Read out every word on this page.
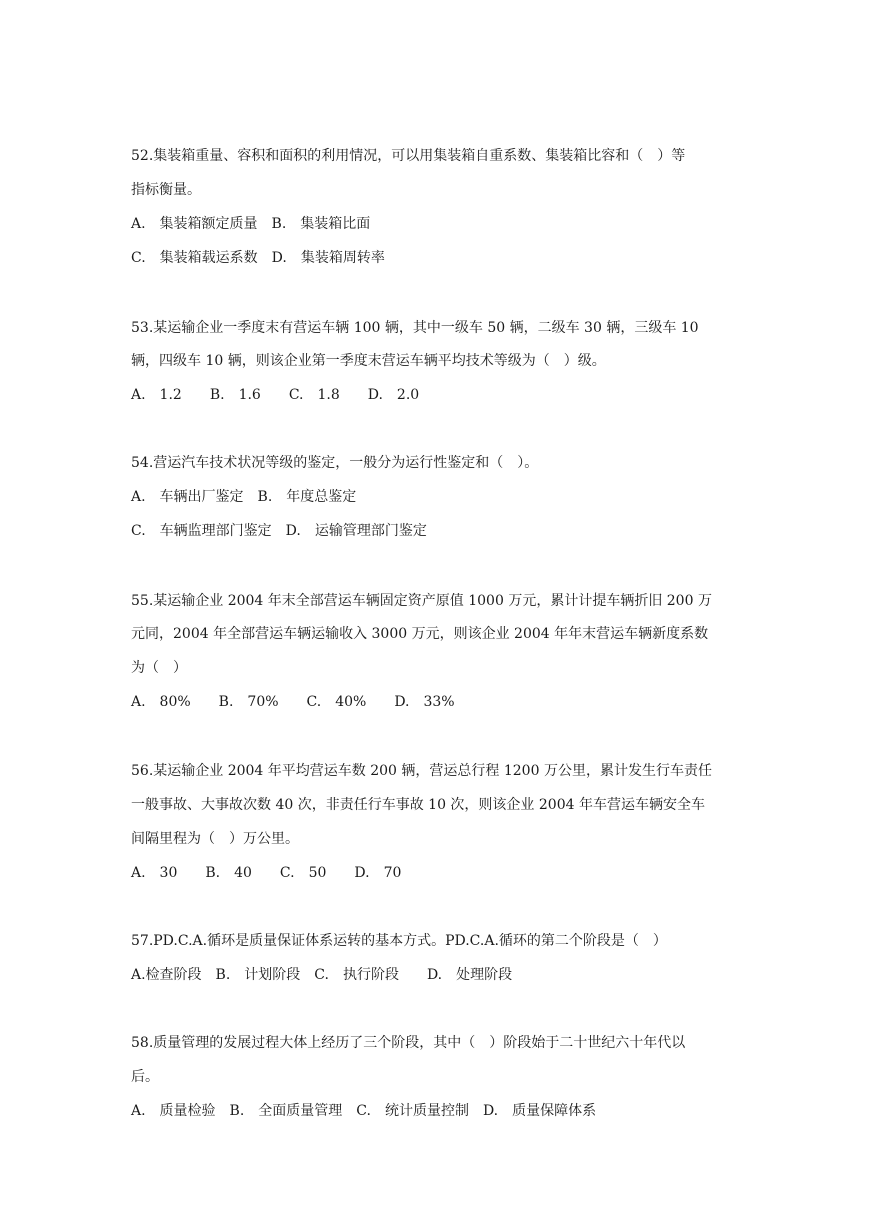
52.集装箱重量、容积和面积的利用情况，可以用集装箱自重系数、集装箱比容和（　）等

指标衡量。

A.　集装箱额定质量　B.　集装箱比面

C.　集装箱载运系数　D.　集装箱周转率

53.某运输企业一季度末有营运车辆 100 辆，其中一级车 50 辆，二级车 30 辆，三级车 10

辆，四级车 10 辆，则该企业第一季度末营运车辆平均技术等级为（　）级。

A.　1.2　　B.　1.6　　C.　1.8　　D.　2.0

54.营运汽车技术状况等级的鉴定，一般分为运行性鉴定和（　）。

A.　车辆出厂鉴定　B.　年度总鉴定

C.　车辆监理部门鉴定　D.　运输管理部门鉴定

55.某运输企业 2004 年末全部营运车辆固定资产原值 1000 万元，累计计提车辆折旧 200 万

元同，2004 年全部营运车辆运输收入 3000 万元，则该企业 2004 年年末营运车辆新度系数

为（　）

A.　80%　　B.　70%　　C.　40%　　D.　33%

56.某运输企业 2004 年平均营运车数 200 辆，营运总行程 1200 万公里，累计发生行车责任

一般事故、大事故次数 40 次，非责任行车事故 10 次，则该企业 2004 年车营运车辆安全车

间隔里程为（　）万公里。

A.　30　　B.　40　　C.　50　　D.　70

57.PD.C.A.循环是质量保证体系运转的基本方式。PD.C.A.循环的第二个阶段是（　）

A.检查阶段　B.　计划阶段　C.　执行阶段　　D.　处理阶段

58.质量管理的发展过程大体上经历了三个阶段，其中（　）阶段始于二十世纪六十年代以

后。

A.　质量检验　B.　全面质量管理　C.　统计质量控制　D.　质量保障体系
